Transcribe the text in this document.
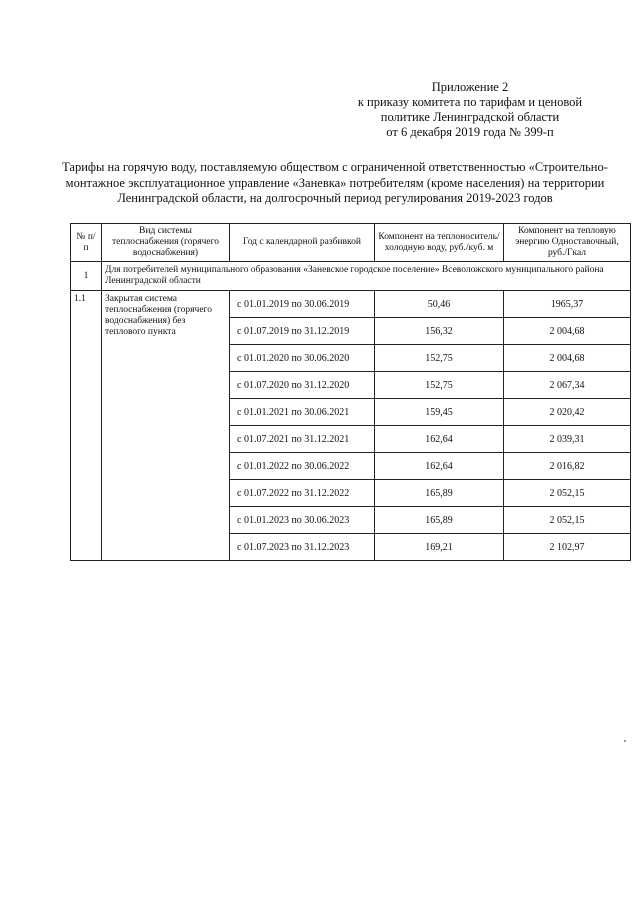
Приложение 2
к приказу комитета по тарифам и ценовой
политике Ленинградской области
от 6 декабря 2019 года № 399-п
Тарифы на горячую воду, поставляемую обществом с ограниченной ответственностью «Строительно-монтажное эксплуатационное управление «Заневка» потребителям (кроме населения) на территории Ленинградской области, на долгосрочный период регулирования 2019-2023 годов
№ п/п	Вид системы теплоснабжения (горячего водоснабжения)	Год с календарной разбивкой	Компонент на теплоноситель/холодную воду, руб./куб. м	Компонент на тепловую энергию Одноставочный, руб./Гкал
1	Для потребителей муниципального образования «Заневское городское поселение» Всеволожского муниципального района Ленинградской области			
1.1	Закрытая система теплоснабжения (горячего водоснабжения) без теплового пункта	с 01.01.2019 по 30.06.2019	50,46	1965,37
		с 01.07.2019 по 31.12.2019	156,32	2 004,68
		с 01.01.2020 по 30.06.2020	152,75	2 004,68
		с 01.07.2020 по 31.12.2020	152,75	2 067,34
		с 01.01.2021 по 30.06.2021	159,45	2 020,42
		с 01.07.2021 по 31.12.2021	162,64	2 039,31
		с 01.01.2022 по 30.06.2022	162,64	2 016,82
		с 01.07.2022 по 31.12.2022	165,89	2 052,15
		с 01.01.2023 по 30.06.2023	165,89	2 052,15
		с 01.07.2023 по 31.12.2023	169,21	2 102,97
